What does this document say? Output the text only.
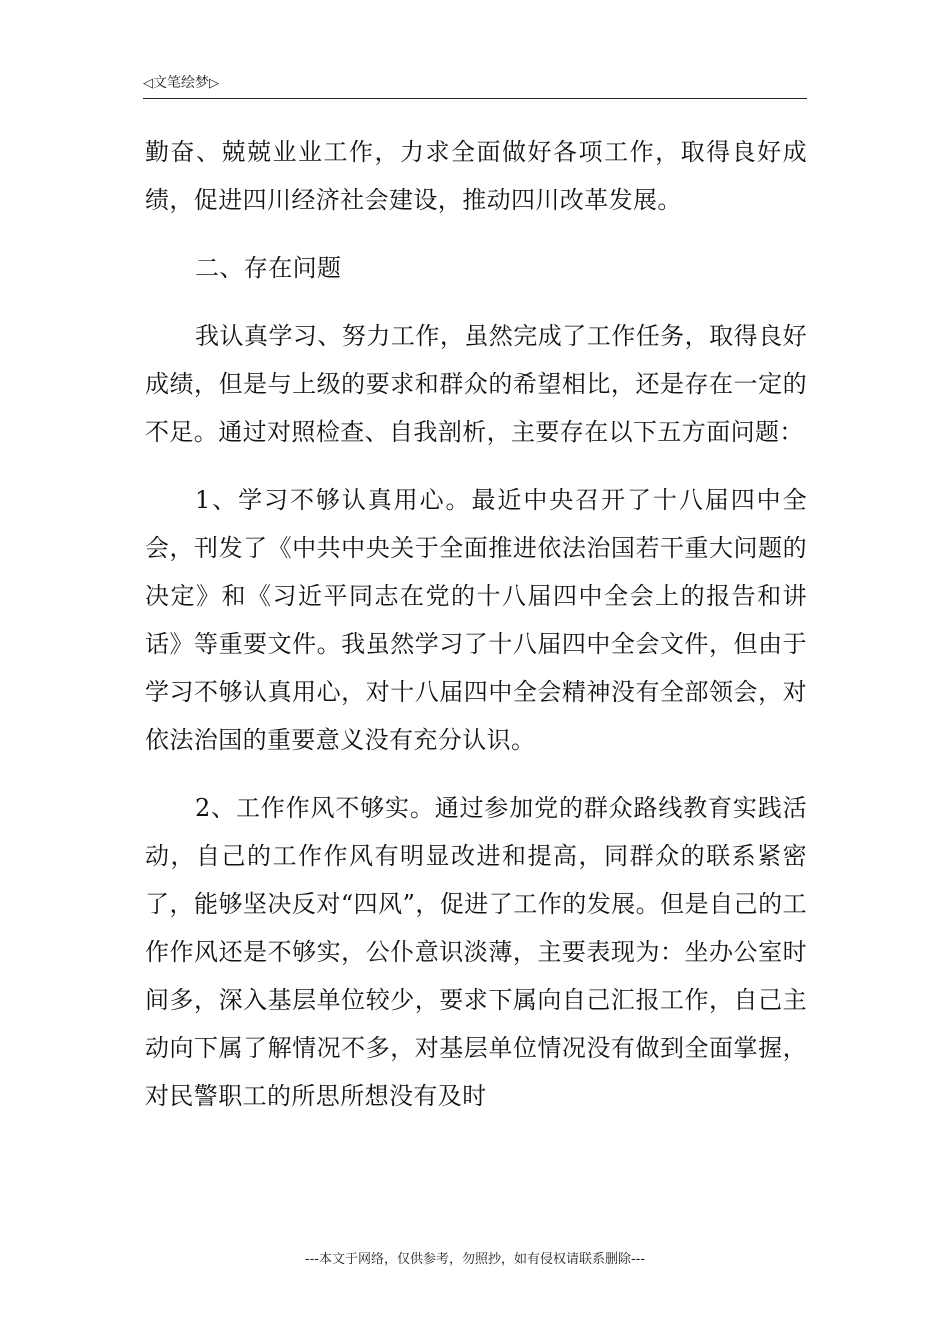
◁文笔绘梦▷

勤奋、兢兢业业工作，力求全面做好各项工作，取得良好成绩，促进四川经济社会建设，推动四川改革发展。

二、存在问题

我认真学习、努力工作，虽然完成了工作任务，取得良好成绩，但是与上级的要求和群众的希望相比，还是存在一定的不足。通过对照检查、自我剖析，主要存在以下五方面问题：

1、学习不够认真用心。最近中央召开了十八届四中全会，刊发了《中共中央关于全面推进依法治国若干重大问题的决定》和《习近平同志在党的十八届四中全会上的报告和讲话》等重要文件。我虽然学习了十八届四中全会文件，但由于学习不够认真用心，对十八届四中全会精神没有全部领会，对依法治国的重要意义没有充分认识。

2、工作作风不够实。通过参加党的群众路线教育实践活动，自己的工作作风有明显改进和提高，同群众的联系紧密了，能够坚决反对“四风”，促进了工作的发展。但是自己的工作作风还是不够实，公仆意识淡薄，主要表现为：坐办公室时间多，深入基层单位较少，要求下属向自己汇报工作，自己主动向下属了解情况不多，对基层单位情况没有做到全面掌握，对民警职工的所思所想没有及时

---本文于网络，仅供参考，勿照抄，如有侵权请联系删除---
